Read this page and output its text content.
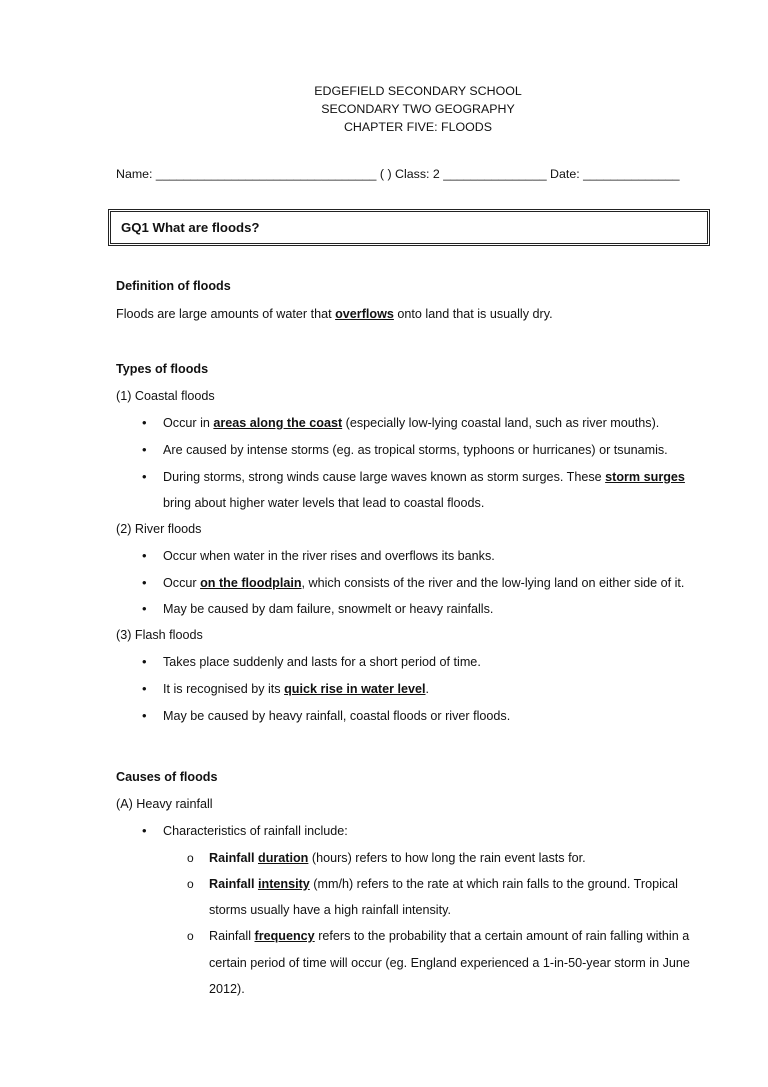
EDGEFIELD SECONDARY SCHOOL
SECONDARY TWO GEOGRAPHY
CHAPTER FIVE: FLOODS
Name: ________________________________ ( ) Class: 2 _______________ Date: ______________
GQ1 What are floods?
Definition of floods
Floods are large amounts of water that overflows onto land that is usually dry.
Types of floods
(1) Coastal floods
• Occur in areas along the coast (especially low-lying coastal land, such as river mouths).
• Are caused by intense storms (eg. as tropical storms, typhoons or hurricanes) or tsunamis.
• During storms, strong winds cause large waves known as storm surges. These storm surges
bring about higher water levels that lead to coastal floods.
(2) River floods
• Occur when water in the river rises and overflows its banks.
• Occur on the floodplain, which consists of the river and the low-lying land on either side of it.
• May be caused by dam failure, snowmelt or heavy rainfalls.
(3) Flash floods
• Takes place suddenly and lasts for a short period of time.
• It is recognised by its quick rise in water level.
• May be caused by heavy rainfall, coastal floods or river floods.
Causes of floods
(A) Heavy rainfall
• Characteristics of rainfall include:
o Rainfall duration (hours) refers to how long the rain event lasts for.
o Rainfall intensity (mm/h) refers to the rate at which rain falls to the ground. Tropical
storms usually have a high rainfall intensity.
o Rainfall frequency refers to the probability that a certain amount of rain falling within a
certain period of time will occur (eg. England experienced a 1-in-50-year storm in June
2012).
